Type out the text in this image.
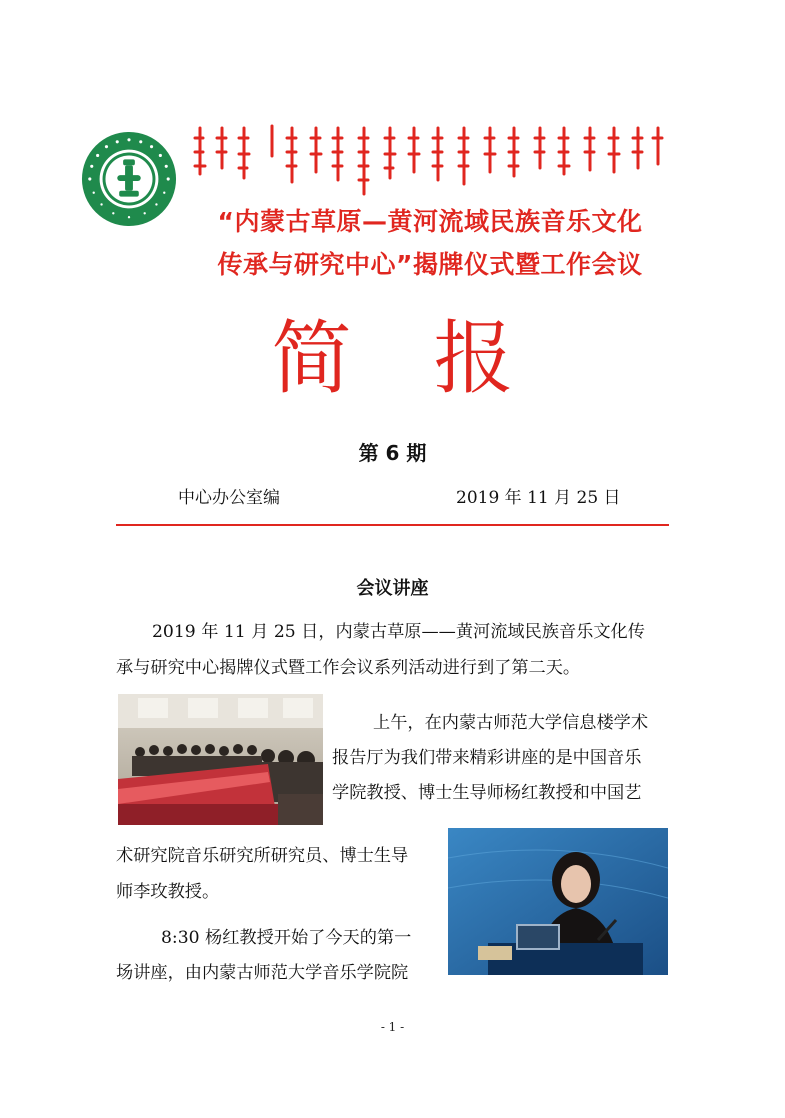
“内蒙古草原—黄河流域民族音乐文化
传承与研究中心”揭牌仪式暨工作会议
简 报
第 6 期
中心办公室编	2019 年 11 月 25 日
会议讲座
2019 年 11 月 25 日，内蒙古草原——黄河流域民族音乐文化传
承与研究中心揭牌仪式暨工作会议系列活动进行到了第二天。
上午，在内蒙古师范大学信息楼学术
报告厅为我们带来精彩讲座的是中国音乐
学院教授、博士生导师杨红教授和中国艺
术研究院音乐研究所研究员、博士生导
师李玫教授。
8:30 杨红教授开始了今天的第一
场讲座，由内蒙古师范大学音乐学院院
- 1 -
